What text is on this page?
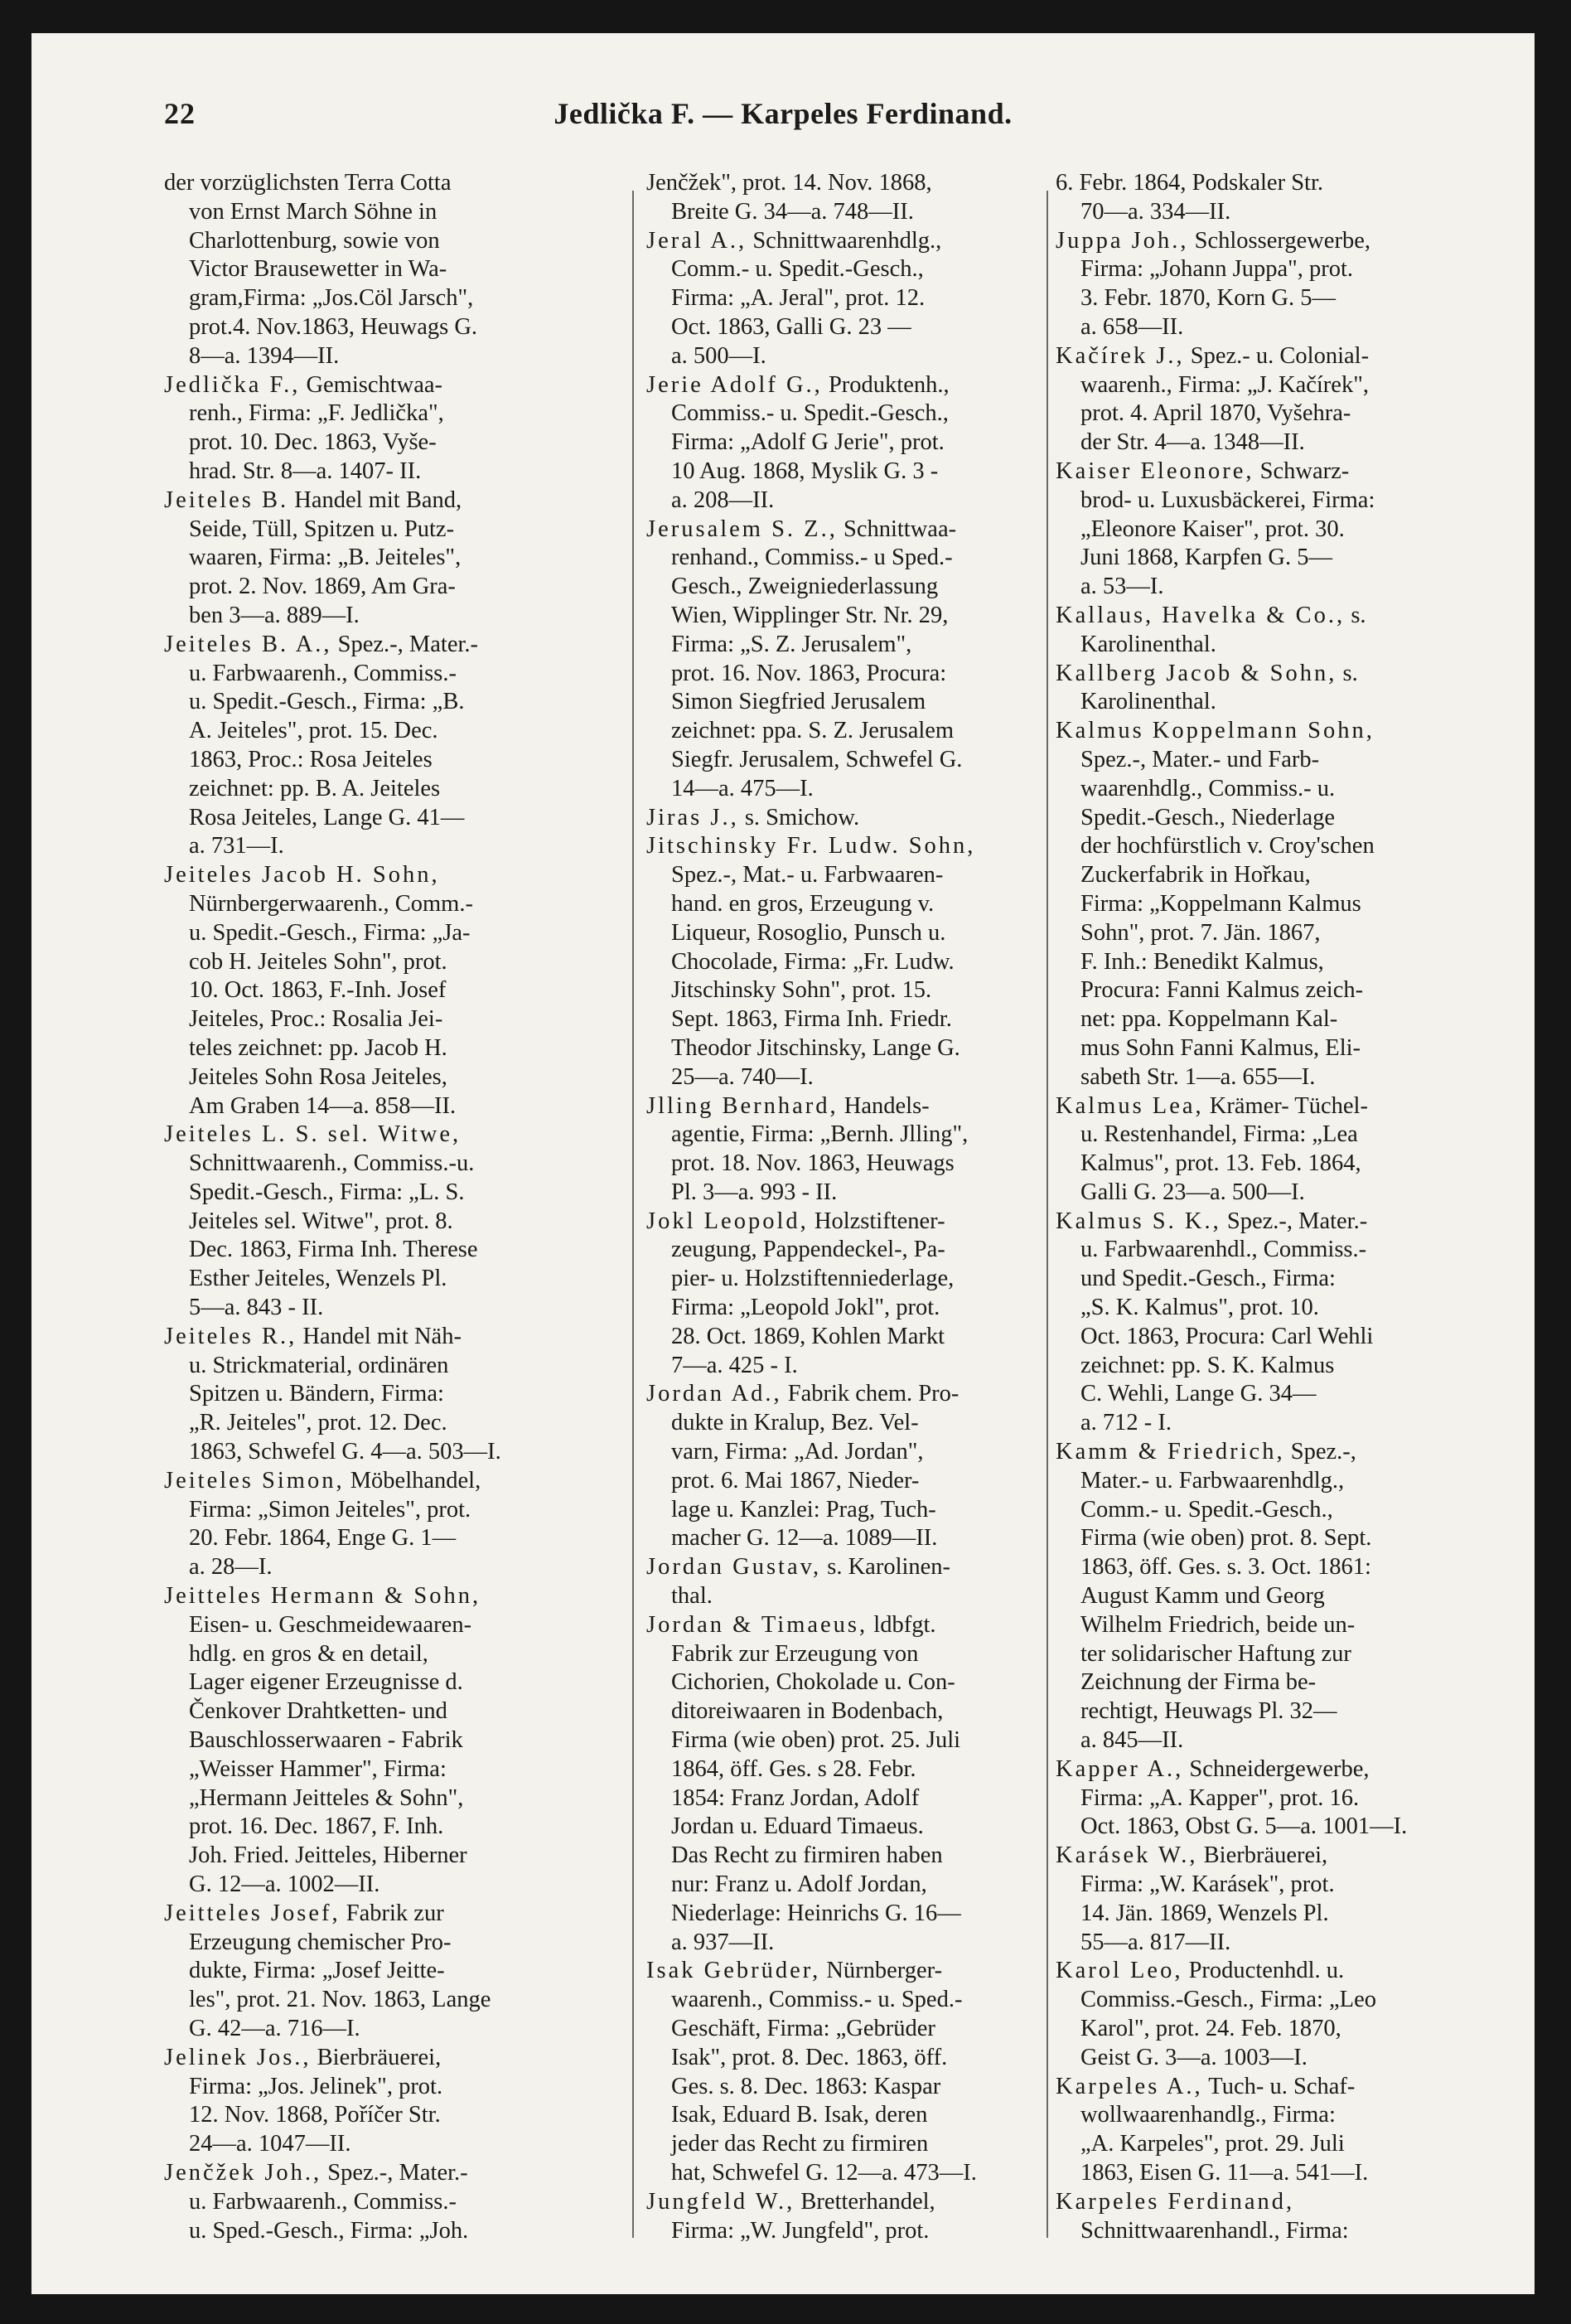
22	Jedlička F. — Karpeles Ferdinand.
der vorzüglichsten Terra Cotta
von Ernst March Söhne in
Charlottenburg, sowie von
Victor Brausewetter in Wa-
gram,Firma: „Jos.Cöl Jarsch",
prot.4. Nov.1863, Heuwags G.
8—a. 1394—II.
Jedlička F., Gemischtwaa-
renh., Firma: „F. Jedlička",
prot. 10. Dec. 1863, Vyše-
hrad. Str. 8—a. 1407- II.
Jeiteles B. Handel mit Band,
Seide, Tüll, Spitzen u. Putz-
waaren, Firma: „B. Jeiteles",
prot. 2. Nov. 1869, Am Gra-
ben 3—a. 889—I.
Jeiteles B. A., Spez.-, Mater.-
u. Farbwaarenh., Commiss.-
u. Spedit.-Gesch., Firma: „B.
A. Jeiteles", prot. 15. Dec.
1863, Proc.: Rosa Jeiteles
zeichnet: pp. B. A. Jeiteles
Rosa Jeiteles, Lange G. 41—
a. 731—I.
Jeiteles Jacob H. Sohn,
Nürnbergerwaarenh., Comm.-
u. Spedit.-Gesch., Firma: „Ja-
cob H. Jeiteles Sohn", prot.
10. Oct. 1863, F.-Inh. Josef
Jeiteles, Proc.: Rosalia Jei-
teles zeichnet: pp. Jacob H.
Jeiteles Sohn Rosa Jeiteles,
Am Graben 14—a. 858—II.
Jeiteles L. S. sel. Witwe,
Schnittwaarenh., Commiss.-u.
Spedit.-Gesch., Firma: „L. S.
Jeiteles sel. Witwe", prot. 8.
Dec. 1863, Firma Inh. Therese
Esther Jeiteles, Wenzels Pl.
5—a. 843 - II.
Jeiteles R., Handel mit Näh-
u. Strickmaterial, ordinären
Spitzen u. Bändern, Firma:
„R. Jeiteles", prot. 12. Dec.
1863, Schwefel G. 4—a. 503—I.
Jeiteles Simon, Möbelhandel,
Firma: „Simon Jeiteles", prot.
20. Febr. 1864, Enge G. 1—
a. 28—I.
Jeitteles Hermann & Sohn,
Eisen- u. Geschmeidewaaren-
hdlg. en gros & en detail,
Lager eigener Erzeugnisse d.
Čenkover Drahtketten- und
Bauschlosserwaaren - Fabrik
„Weisser Hammer", Firma:
„Hermann Jeitteles & Sohn",
prot. 16. Dec. 1867, F. Inh.
Joh. Fried. Jeitteles, Hiberner
G. 12—a. 1002—II.
Jeitteles Josef, Fabrik zur
Erzeugung chemischer Pro-
dukte, Firma: „Josef Jeitte-
les", prot. 21. Nov. 1863, Lange
G. 42—a. 716—I.
Jelinek Jos., Bierbräuerei,
Firma: „Jos. Jelinek", prot.
12. Nov. 1868, Poříčer Str.
24—a. 1047—II.
Jenčžek Joh., Spez.-, Mater.-
u. Farbwaarenh., Commiss.-
u. Sped.-Gesch., Firma: „Joh.
Jenčžek", prot. 14. Nov. 1868,
Breite G. 34—a. 748—II.
Jeral A., Schnittwaarenhdlg.,
Comm.- u. Spedit.-Gesch.,
Firma: „A. Jeral", prot. 12.
Oct. 1863, Galli G. 23 —
a. 500—I.
Jerie Adolf G., Produktenh.,
Commiss.- u. Spedit.-Gesch.,
Firma: „Adolf G Jerie", prot.
10 Aug. 1868, Myslik G. 3 -
a. 208—II.
Jerusalem S. Z., Schnittwaa-
renhand., Commiss.- u Sped.-
Gesch., Zweigniederlassung
Wien, Wipplinger Str. Nr. 29,
Firma: „S. Z. Jerusalem",
prot. 16. Nov. 1863, Procura:
Simon Siegfried Jerusalem
zeichnet: ppa. S. Z. Jerusalem
Siegfr. Jerusalem, Schwefel G.
14—a. 475—I.
Jiras J., s. Smichow.
Jitschinsky Fr. Ludw. Sohn,
Spez.-, Mat.- u. Farbwaaren-
hand. en gros, Erzeugung v.
Liqueur, Rosoglio, Punsch u.
Chocolade, Firma: „Fr. Ludw.
Jitschinsky Sohn", prot. 15.
Sept. 1863, Firma Inh. Friedr.
Theodor Jitschinsky, Lange G.
25—a. 740—I.
Jlling Bernhard, Handels-
agentie, Firma: „Bernh. Jlling",
prot. 18. Nov. 1863, Heuwags
Pl. 3—a. 993 - II.
Jokl Leopold, Holzstiftener-
zeugung, Pappendeckel-, Pa-
pier- u. Holzstiftenniederlage,
Firma: „Leopold Jokl", prot.
28. Oct. 1869, Kohlen Markt
7—a. 425 - I.
Jordan Ad., Fabrik chem. Pro-
dukte in Kralup, Bez. Vel-
varn, Firma: „Ad. Jordan",
prot. 6. Mai 1867, Nieder-
lage u. Kanzlei: Prag, Tuch-
macher G. 12—a. 1089—II.
Jordan Gustav, s. Karolinen-
thal.
Jordan & Timaeus, ldbfgt.
Fabrik zur Erzeugung von
Cichorien, Chokolade u. Con-
ditoreiwaaren in Bodenbach,
Firma (wie oben) prot. 25. Juli
1864, öff. Ges. s 28. Febr.
1854: Franz Jordan, Adolf
Jordan u. Eduard Timaeus.
Das Recht zu firmiren haben
nur: Franz u. Adolf Jordan,
Niederlage: Heinrichs G. 16—
a. 937—II.
Isak Gebrüder, Nürnberger-
waarenh., Commiss.- u. Sped.-
Geschäft, Firma: „Gebrüder
Isak", prot. 8. Dec. 1863, öff.
Ges. s. 8. Dec. 1863: Kaspar
Isak, Eduard B. Isak, deren
jeder das Recht zu firmiren
hat, Schwefel G. 12—a. 473—I.
Jungfeld W., Bretterhandel,
Firma: „W. Jungfeld", prot.
6. Febr. 1864, Podskaler Str.
70—a. 334—II.
Juppa Joh., Schlossergewerbe,
Firma: „Johann Juppa", prot.
3. Febr. 1870, Korn G. 5—
a. 658—II.
Kačírek J., Spez.- u. Colonial-
waarenh., Firma: „J. Kačírek",
prot. 4. April 1870, Vyšehra-
der Str. 4—a. 1348—II.
Kaiser Eleonore, Schwarz-
brod- u. Luxusbäckerei, Firma:
„Eleonore Kaiser", prot. 30.
Juni 1868, Karpfen G. 5—
a. 53—I.
Kallaus, Havelka & Co., s.
Karolinenthal.
Kallberg Jacob & Sohn, s.
Karolinenthal.
Kalmus Koppelmann Sohn,
Spez.-, Mater.- und Farb-
waarenhdlg., Commiss.- u.
Spedit.-Gesch., Niederlage
der hochfürstlich v. Croy'schen
Zuckerfabrik in Hořkau,
Firma: „Koppelmann Kalmus
Sohn", prot. 7. Jän. 1867,
F. Inh.: Benedikt Kalmus,
Procura: Fanni Kalmus zeich-
net: ppa. Koppelmann Kal-
mus Sohn Fanni Kalmus, Eli-
sabeth Str. 1—a. 655—I.
Kalmus Lea, Krämer- Tüchel-
u. Restenhandel, Firma: „Lea
Kalmus", prot. 13. Feb. 1864,
Galli G. 23—a. 500—I.
Kalmus S. K., Spez.-, Mater.-
u. Farbwaarenhdl., Commiss.-
und Spedit.-Gesch., Firma:
„S. K. Kalmus", prot. 10.
Oct. 1863, Procura: Carl Wehli
zeichnet: pp. S. K. Kalmus
C. Wehli, Lange G. 34—
a. 712 - I.
Kamm & Friedrich, Spez.-,
Mater.- u. Farbwaarenhdlg.,
Comm.- u. Spedit.-Gesch.,
Firma (wie oben) prot. 8. Sept.
1863, öff. Ges. s. 3. Oct. 1861:
August Kamm und Georg
Wilhelm Friedrich, beide un-
ter solidarischer Haftung zur
Zeichnung der Firma be-
rechtigt, Heuwags Pl. 32—
a. 845—II.
Kapper A., Schneidergewerbe,
Firma: „A. Kapper", prot. 16.
Oct. 1863, Obst G. 5—a. 1001—I.
Karásek W., Bierbräuerei,
Firma: „W. Karásek", prot.
14. Jän. 1869, Wenzels Pl.
55—a. 817—II.
Karol Leo, Productenhdl. u.
Commiss.-Gesch., Firma: „Leo
Karol", prot. 24. Feb. 1870,
Geist G. 3—a. 1003—I.
Karpeles A., Tuch- u. Schaf-
wollwaarenhandlg., Firma:
„A. Karpeles", prot. 29. Juli
1863, Eisen G. 11—a. 541—I.
Karpeles Ferdinand,
Schnittwaarenhandl., Firma:
